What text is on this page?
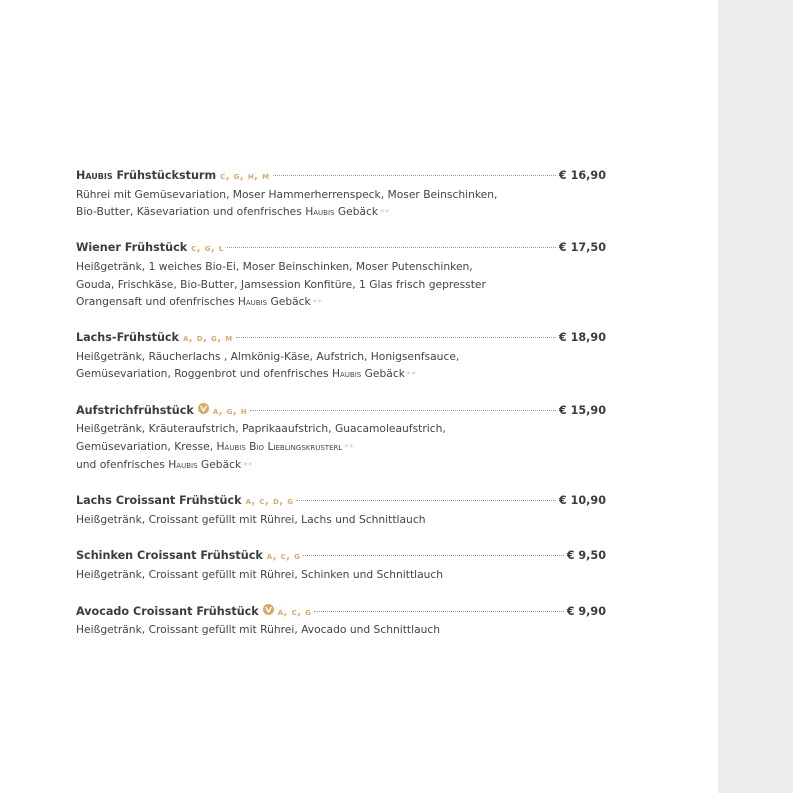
Haubis Frühstücksturm c, g, h, m	€ 16,90
Rührei mit Gemüsevariation, Moser Hammerherrenspeck, Moser Beinschinken,
Bio-Butter, Käsevariation und ofenfrisches Haubis Gebäck **
Wiener Frühstück c, g, l	€ 17,50
Heißgetränk, 1 weiches Bio-Ei, Moser Beinschinken, Moser Putenschinken,
Gouda, Frischkäse, Bio-Butter, Jamsession Konfitüre, 1 Glas frisch gepresster
Orangensaft und ofenfrisches Haubis Gebäck **
Lachs-Frühstück a, d, g, m	€ 18,90
Heißgetränk, Räucherlachs , Almkönig-Käse, Aufstrich, Honigsenfsauce,
Gemüsevariation, Roggenbrot und ofenfrisches Haubis Gebäck **
Aufstrichfrühstück a, g, h	€ 15,90
Heißgetränk, Kräuteraufstrich, Paprikaaufstrich, Guacamoleaufstrich,
Gemüsevariation, Kresse, Haubis Bio Lieblingskrusterl **
und ofenfrisches Haubis Gebäck **
Lachs Croissant Frühstück a, c, d, g	€ 10,90
Heißgetränk, Croissant gefüllt mit Rührei, Lachs und Schnittlauch
Schinken Croissant Frühstück a, c, g	€ 9,50
Heißgetränk, Croissant gefüllt mit Rührei, Schinken und Schnittlauch
Avocado Croissant Frühstück a, c, g	€ 9,90
Heißgetränk, Croissant gefüllt mit Rührei, Avocado und Schnittlauch
